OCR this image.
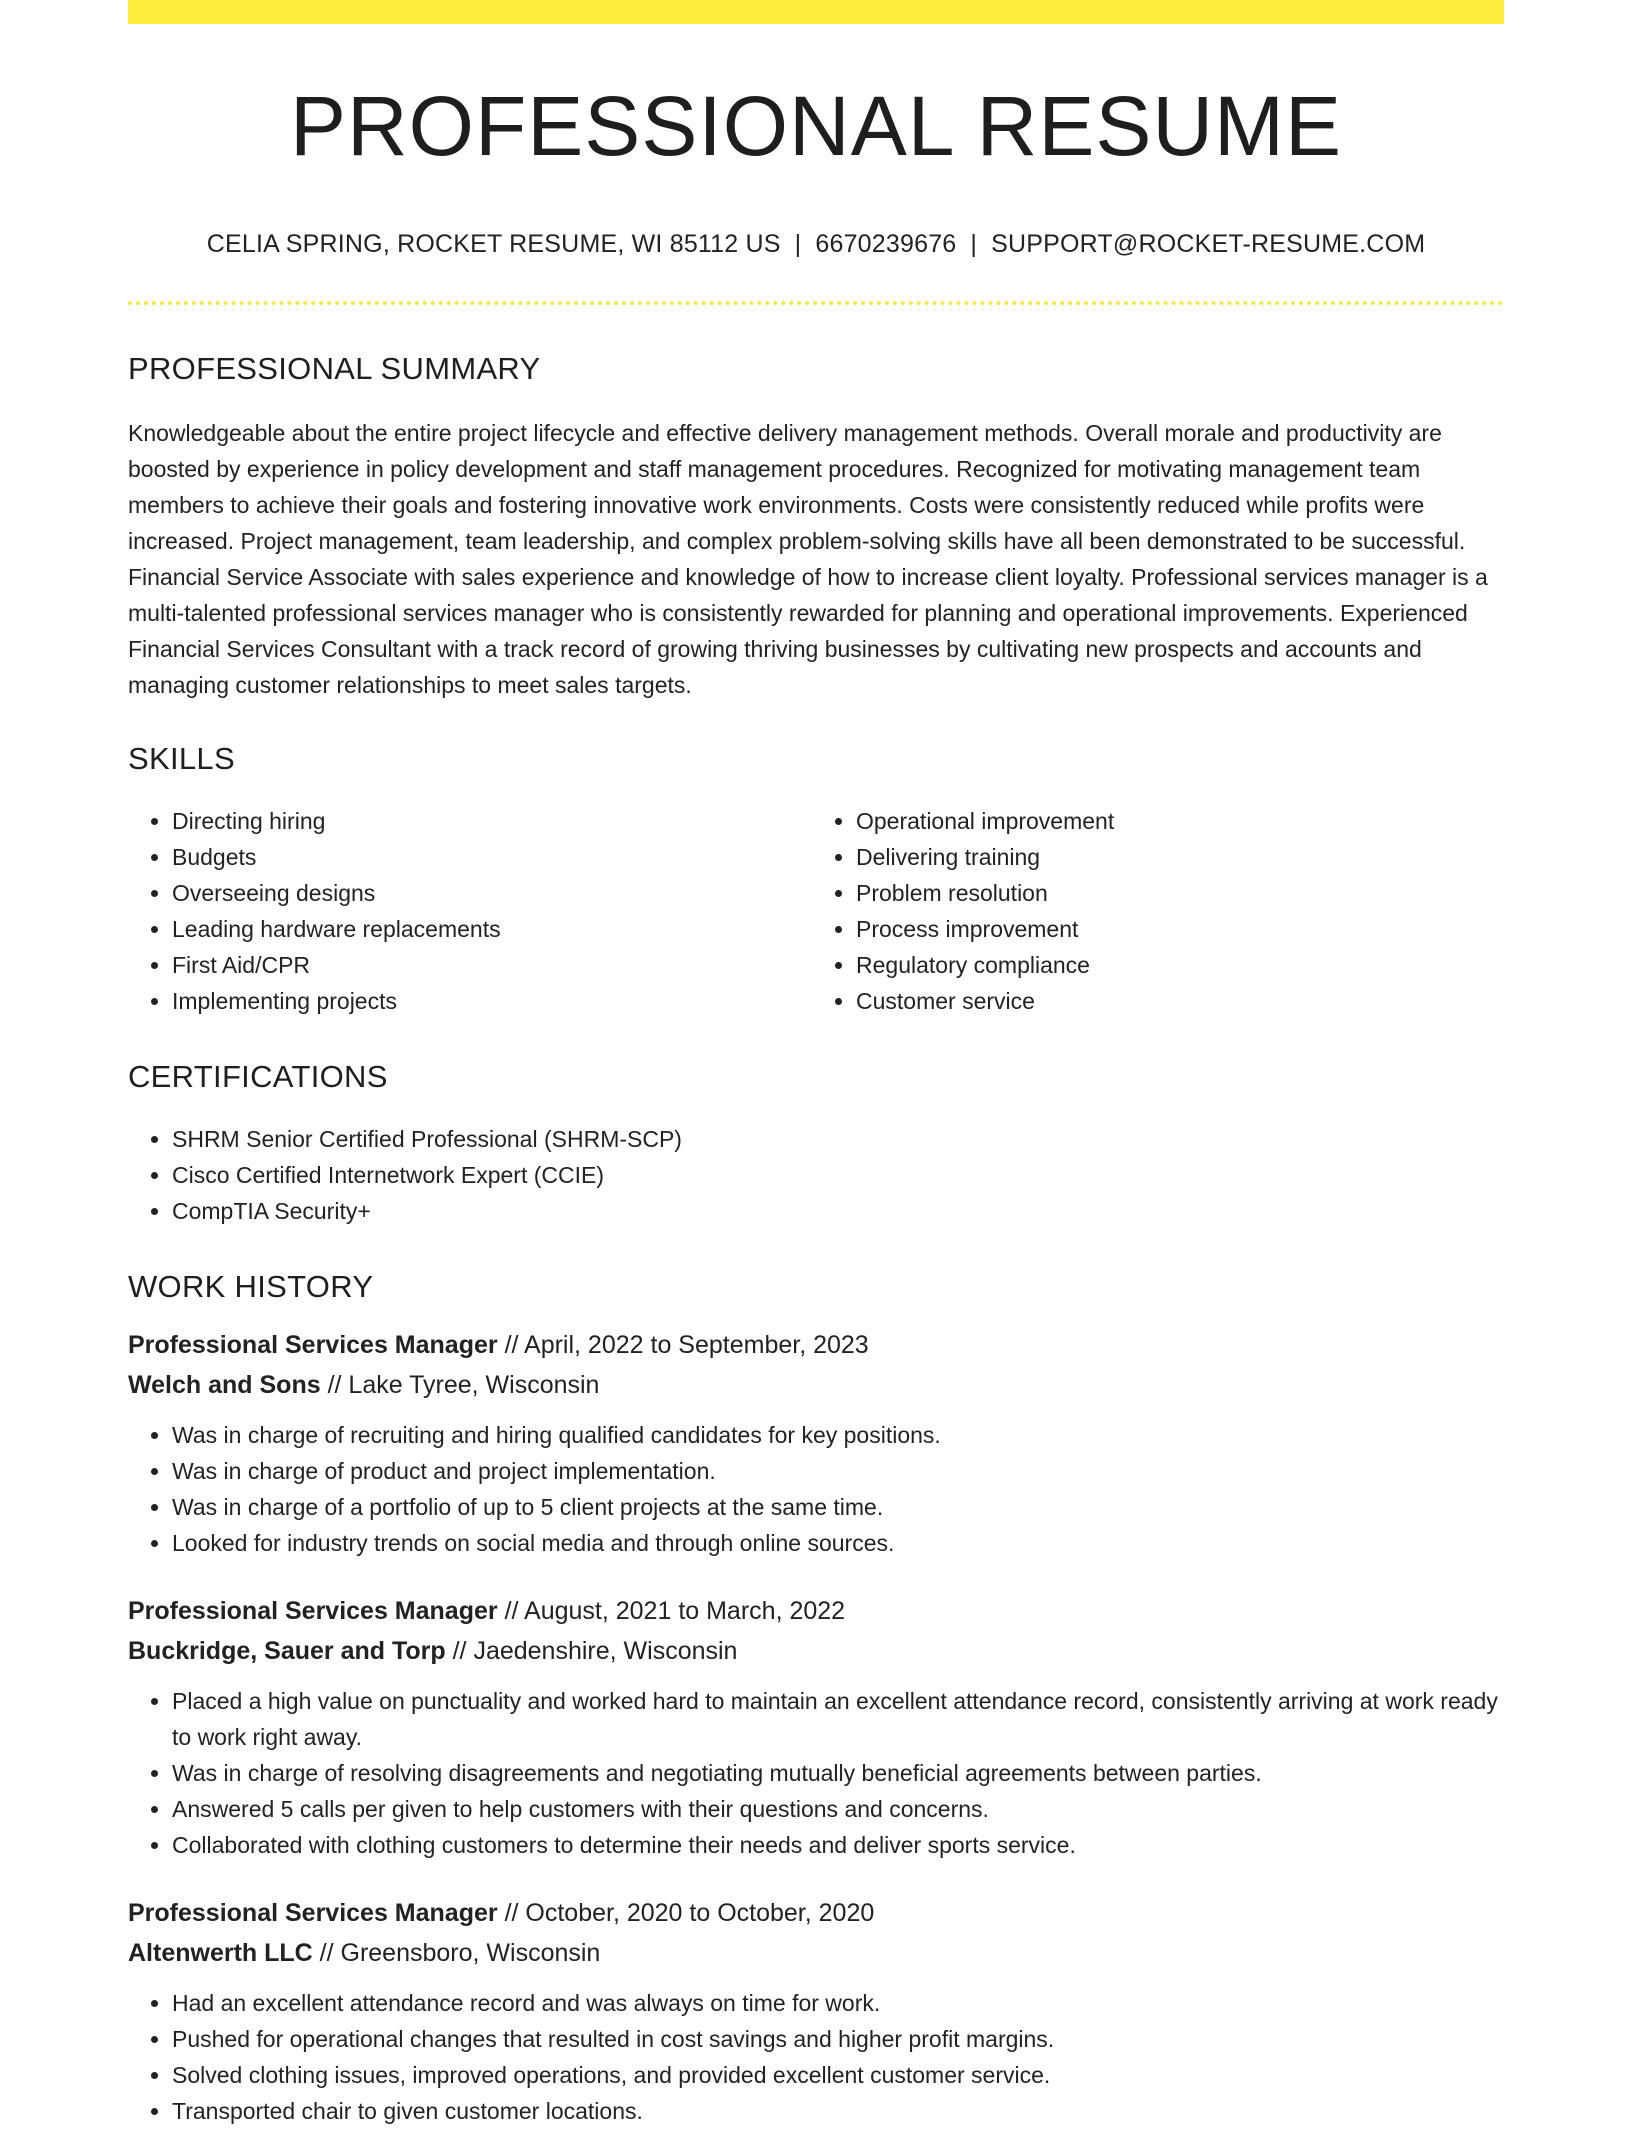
PROFESSIONAL RESUME
CELIA SPRING, ROCKET RESUME, WI 85112 US | 6670239676 | SUPPORT@ROCKET-RESUME.COM
PROFESSIONAL SUMMARY

Knowledgeable about the entire project lifecycle and effective delivery management methods. Overall morale and productivity are boosted by experience in policy development and staff management procedures. Recognized for motivating management team members to achieve their goals and fostering innovative work environments. Costs were consistently reduced while profits were increased. Project management, team leadership, and complex problem-solving skills have all been demonstrated to be successful. Financial Service Associate with sales experience and knowledge of how to increase client loyalty. Professional services manager is a multi-talented professional services manager who is consistently rewarded for planning and operational improvements. Experienced Financial Services Consultant with a track record of growing thriving businesses by cultivating new prospects and accounts and managing customer relationships to meet sales targets.

SKILLS
• Directing hiring
• Budgets
• Overseeing designs
• Leading hardware replacements
• First Aid/CPR
• Implementing projects
• Operational improvement
• Delivering training
• Problem resolution
• Process improvement
• Regulatory compliance
• Customer service
CERTIFICATIONS
• SHRM Senior Certified Professional (SHRM-SCP)
• Cisco Certified Internetwork Expert (CCIE)
• CompTIA Security+
WORK HISTORY
Professional Services Manager // April, 2022 to September, 2023
Welch and Sons // Lake Tyree, Wisconsin
• Was in charge of recruiting and hiring qualified candidates for key positions.
• Was in charge of product and project implementation.
• Was in charge of a portfolio of up to 5 client projects at the same time.
• Looked for industry trends on social media and through online sources.
Professional Services Manager // August, 2021 to March, 2022
Buckridge, Sauer and Torp // Jaedenshire, Wisconsin
• Placed a high value on punctuality and worked hard to maintain an excellent attendance record, consistently arriving at work ready to work right away.
• Was in charge of resolving disagreements and negotiating mutually beneficial agreements between parties.
• Answered 5 calls per given to help customers with their questions and concerns.
• Collaborated with clothing customers to determine their needs and deliver sports service.
Professional Services Manager // October, 2020 to October, 2020
Altenwerth LLC // Greensboro, Wisconsin
• Had an excellent attendance record and was always on time for work.
• Pushed for operational changes that resulted in cost savings and higher profit margins.
• Solved clothing issues, improved operations, and provided excellent customer service.
• Transported chair to given customer locations.
